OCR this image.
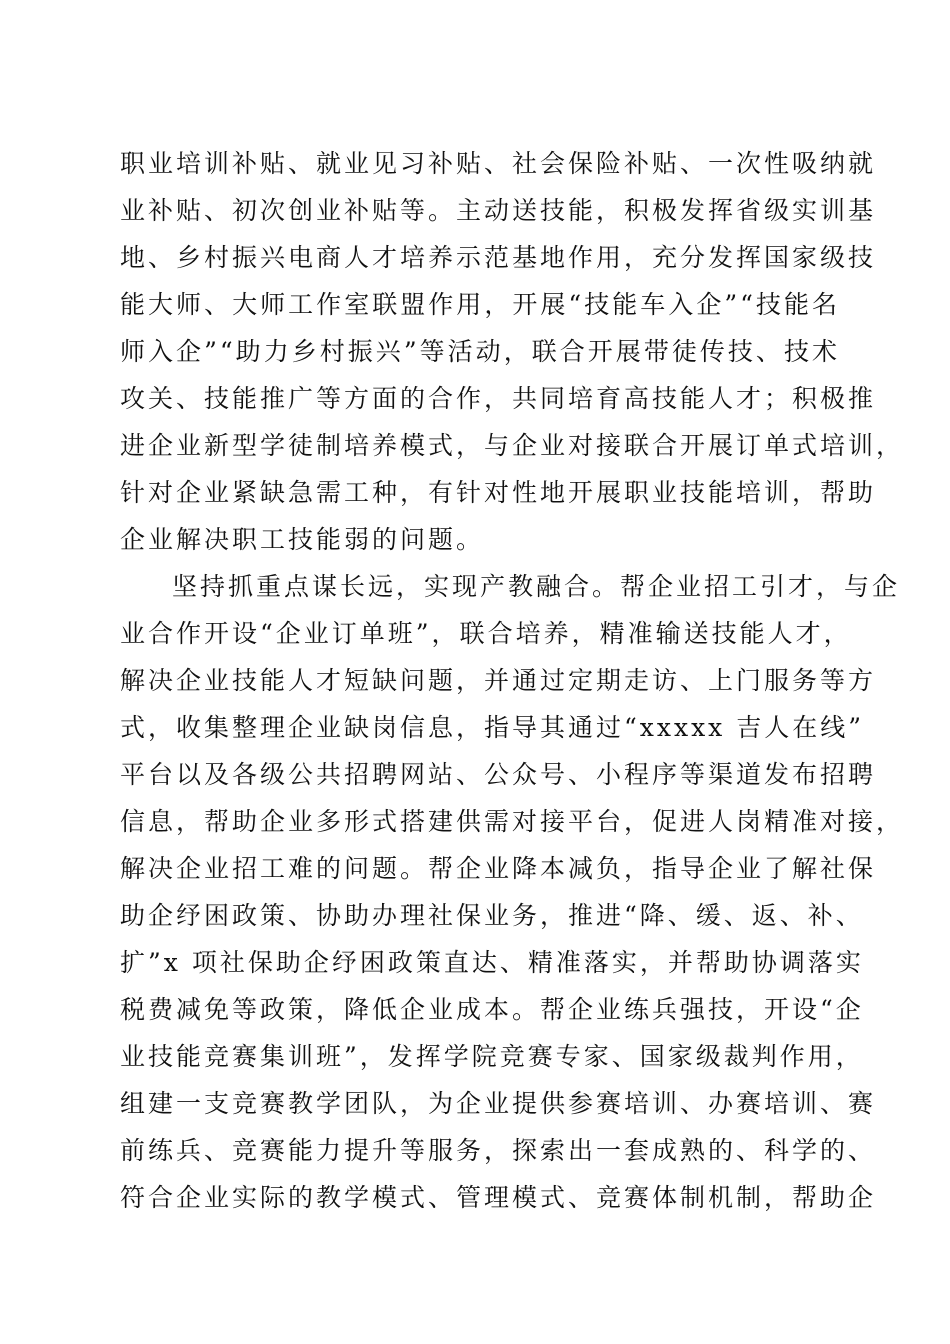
职业培训补贴、就业见习补贴、社会保险补贴、一次性吸纳就
业补贴、初次创业补贴等。主动送技能，积极发挥省级实训基
地、乡村振兴电商人才培养示范基地作用，充分发挥国家级技
能大师、大师工作室联盟作用，开展“技能车入企”“技能名
师入企”“助力乡村振兴”等活动，联合开展带徒传技、技术
攻关、技能推广等方面的合作，共同培育高技能人才；积极推
进企业新型学徒制培养模式，与企业对接联合开展订单式培训，
针对企业紧缺急需工种，有针对性地开展职业技能培训，帮助
企业解决职工技能弱的问题。
坚持抓重点谋长远，实现产教融合。帮企业招工引才，与企
业合作开设“企业订单班”，联合培养，精准输送技能人才，
解决企业技能人才短缺问题，并通过定期走访、上门服务等方
式，收集整理企业缺岗信息，指导其通过“xxxxx 吉人在线”
平台以及各级公共招聘网站、公众号、小程序等渠道发布招聘
信息，帮助企业多形式搭建供需对接平台，促进人岗精准对接，
解决企业招工难的问题。帮企业降本减负，指导企业了解社保
助企纾困政策、协助办理社保业务，推进“降、缓、返、补、
扩”x 项社保助企纾困政策直达、精准落实，并帮助协调落实
税费减免等政策，降低企业成本。帮企业练兵强技，开设“企
业技能竞赛集训班”，发挥学院竞赛专家、国家级裁判作用，
组建一支竞赛教学团队，为企业提供参赛培训、办赛培训、赛
前练兵、竞赛能力提升等服务，探索出一套成熟的、科学的、
符合企业实际的教学模式、管理模式、竞赛体制机制，帮助企
